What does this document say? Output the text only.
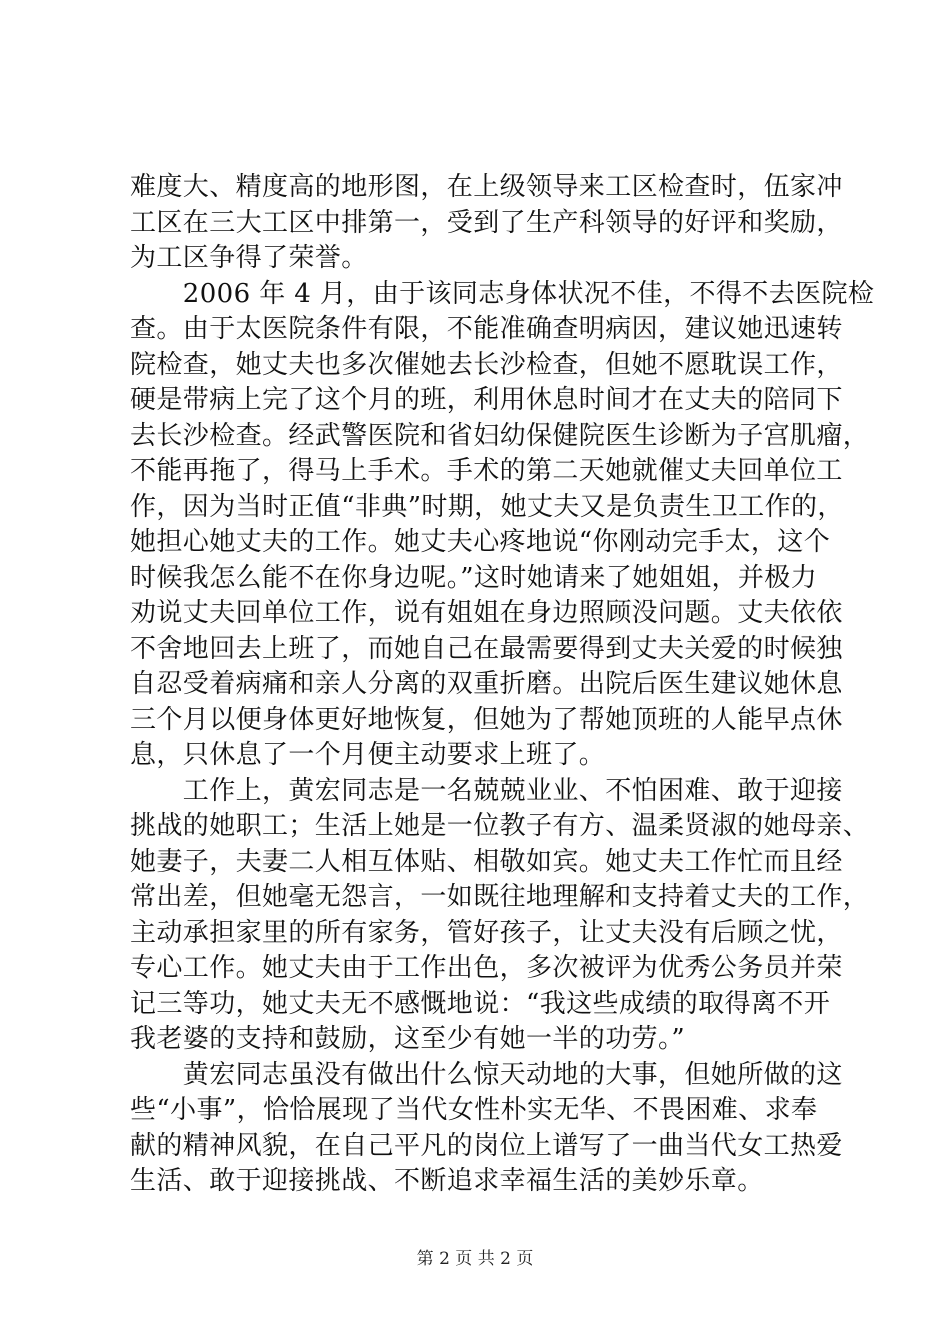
难度大、精度高的地形图，在上级领导来工区检查时，伍家冲
工区在三大工区中排第一，受到了生产科领导的好评和奖励，
为工区争得了荣誉。
　　2006 年 4 月，由于该同志身体状况不佳，不得不去医院检
查。由于太医院条件有限，不能准确查明病因，建议她迅速转
院检查，她丈夫也多次催她去长沙检查，但她不愿耽误工作，
硬是带病上完了这个月的班，利用休息时间才在丈夫的陪同下
去长沙检查。经武警医院和省妇幼保健院医生诊断为子宫肌瘤，
不能再拖了，得马上手术。手术的第二天她就催丈夫回单位工
作，因为当时正值“非典”时期，她丈夫又是负责生卫工作的，
她担心她丈夫的工作。她丈夫心疼地说“你刚动完手太，这个
时候我怎么能不在你身边呢。”这时她请来了她姐姐，并极力
劝说丈夫回单位工作，说有姐姐在身边照顾没问题。丈夫依依
不舍地回去上班了，而她自己在最需要得到丈夫关爱的时候独
自忍受着病痛和亲人分离的双重折磨。出院后医生建议她休息
三个月以便身体更好地恢复，但她为了帮她顶班的人能早点休
息，只休息了一个月便主动要求上班了。
　　工作上，黄宏同志是一名兢兢业业、不怕困难、敢于迎接
挑战的她职工；生活上她是一位教子有方、温柔贤淑的她母亲、
她妻子，夫妻二人相互体贴、相敬如宾。她丈夫工作忙而且经
常出差，但她毫无怨言，一如既往地理解和支持着丈夫的工作，
主动承担家里的所有家务，管好孩子，让丈夫没有后顾之忧，
专心工作。她丈夫由于工作出色，多次被评为优秀公务员并荣
记三等功，她丈夫无不感慨地说：“我这些成绩的取得离不开
我老婆的支持和鼓励，这至少有她一半的功劳。”
　　黄宏同志虽没有做出什么惊天动地的大事，但她所做的这
些“小事”，恰恰展现了当代女性朴实无华、不畏困难、求奉
献的精神风貌，在自己平凡的岗位上谱写了一曲当代女工热爱
生活、敢于迎接挑战、不断追求幸福生活的美妙乐章。
第 2 页 共 2 页
